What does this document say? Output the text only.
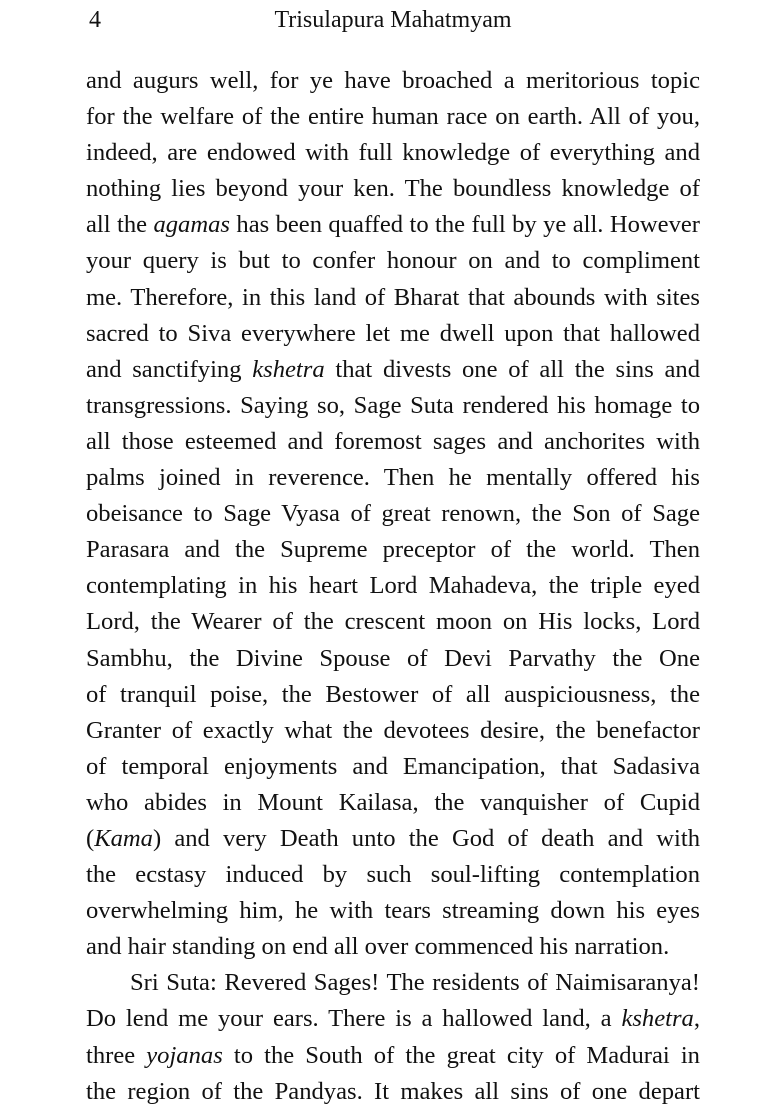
4	Trisulapura Mahatmyam
and augurs well, for ye have broached a meritorious topic
for the welfare of the entire human race on earth. All of you,
indeed, are endowed with full knowledge of everything and
nothing lies beyond your ken. The boundless knowledge of
all the agamas has been quaffed to the full by ye all. However
your query is but to confer honour on and to compliment
me. Therefore, in this land of Bharat that abounds with sites
sacred to Siva everywhere let me dwell upon that hallowed
and sanctifying kshetra that divests one of all the sins and
transgressions. Saying so, Sage Suta rendered his homage to
all those esteemed and foremost sages and anchorites with
palms joined in reverence. Then he mentally offered his
obeisance to Sage Vyasa of great renown, the Son of Sage
Parasara and the Supreme preceptor of the world. Then
contemplating in his heart Lord Mahadeva, the triple eyed
Lord, the Wearer of the crescent moon on His locks, Lord
Sambhu, the Divine Spouse of Devi Parvathy the One
of tranquil poise, the Bestower of all auspiciousness, the
Granter of exactly what the devotees desire, the benefactor
of temporal enjoyments and Emancipation, that Sadasiva
who abides in Mount Kailasa, the vanquisher of Cupid
(Kama) and very Death unto the God of death and with
the ecstasy induced by such soul-lifting contemplation
overwhelming him, he with tears streaming down his eyes
and hair standing on end all over commenced his narration.
Sri Suta: Revered Sages! The residents of Naimisaranya!
Do lend me your ears. There is a hallowed land, a kshetra,
three yojanas to the South of the great city of Madurai in
the region of the Pandyas. It makes all sins of one depart
